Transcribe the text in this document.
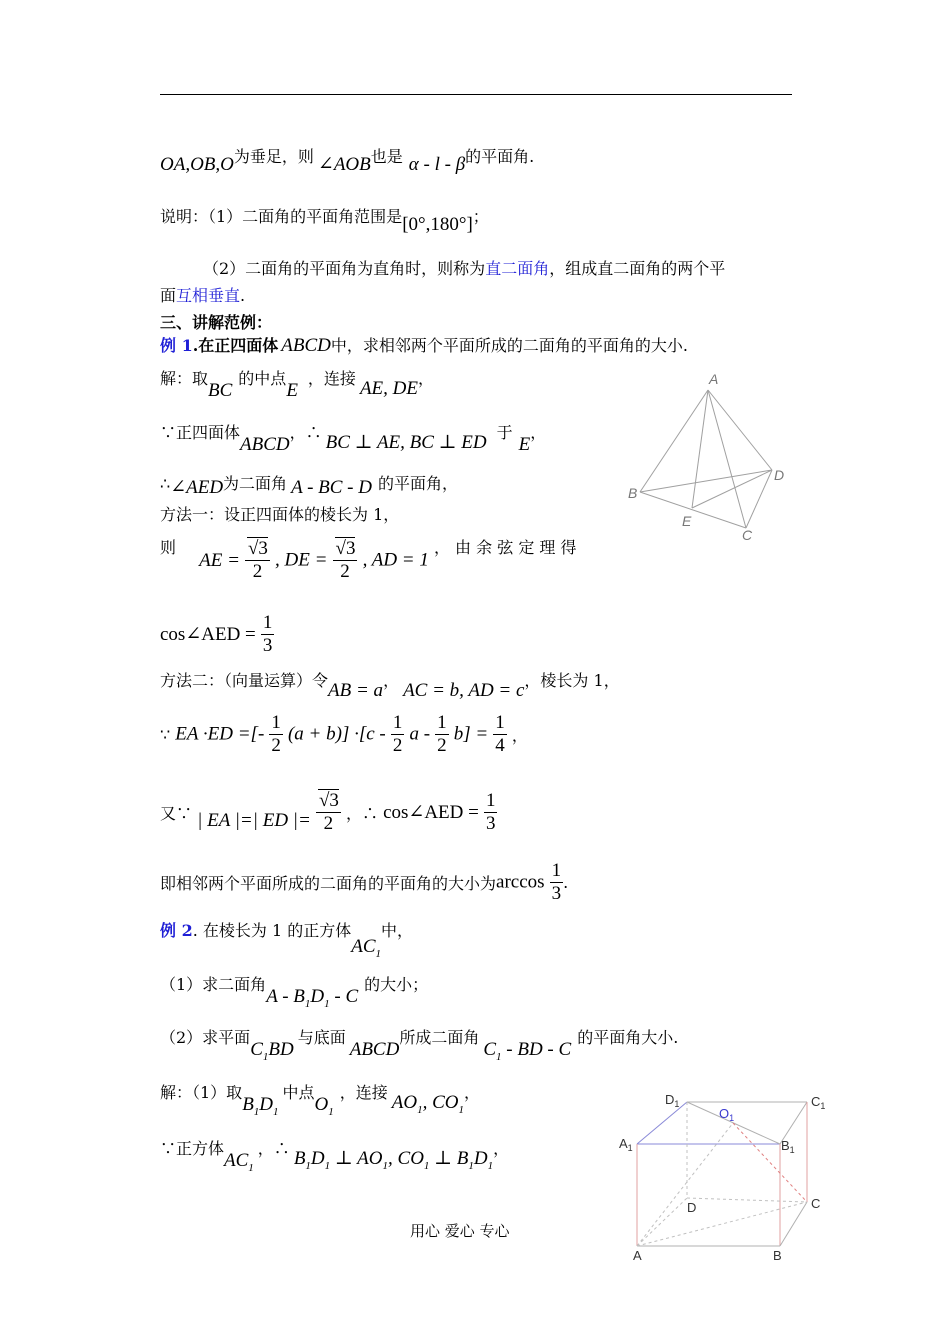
OA,OB,O为垂足，则 ∠AOB也是 α - l - β的平面角.
说明：（1）二面角的平面角范围是[0°,180°]；
（2）二面角的平面角为直角时，则称为直二面角，组成直二面角的两个平
面互相垂直.
三、讲解范例：
例 1.在正四面体 ABCD中，求相邻两个平面所成的二面角的平面角的大小.
解：取BC的中点E，连接 AE, DE，
∵正四面体ABCD，∴ BC ⊥ AE, BC ⊥ ED 于E，
∴∠AED为二面角 A - BC - D 的平面角，
方法一：设正四面体的棱长为 1，
则 AE = $\frac{√3}{2}$ , DE = $\frac{√3}{2}$ , AD = 1 ， 由 余 弦 定 理 得
cos∠AED = $\frac{1}{3}$
方法二：（向量运算）令AB = a， AC = b, AD = c，棱长为 1，
∵ EA ·ED =[- $\frac{1}{2} (a + b)] \cdot[c - \frac{1}{2}$ $a - \frac{1}{2} b] = \frac{1}{4}$ ，
又∵ | EA |=| ED |= $\frac{√3}{2}$ ，∴ cos∠AED = $\frac{1}{3}$
即相邻两个平面所成的二面角的平面角的大小为$\arccos \frac{1}{3}$ .
例 2. 在棱长为 1 的正方体$AC_1$中，
（1）求二面角A - $B_1D_1$ - C的大小；
（2）求平面$C_1BD$与底面ABCD所成二面角$C_1$ - BD - C的平面角大小.
解：（1）取$B_1D_1$中点$O_1$，连接 $AO_1$, $CO_1$，
∵正方体$AC_1$，∴ $B_1D_1$ ⊥ $AO_1$, $CO_1$ ⊥ $B_1D_1$，
用心 爱心 专心
A
B
C
D
E
$D_1$
$O_1$
$C_1$
$A_1$	$B_1$
D	C
A	B
